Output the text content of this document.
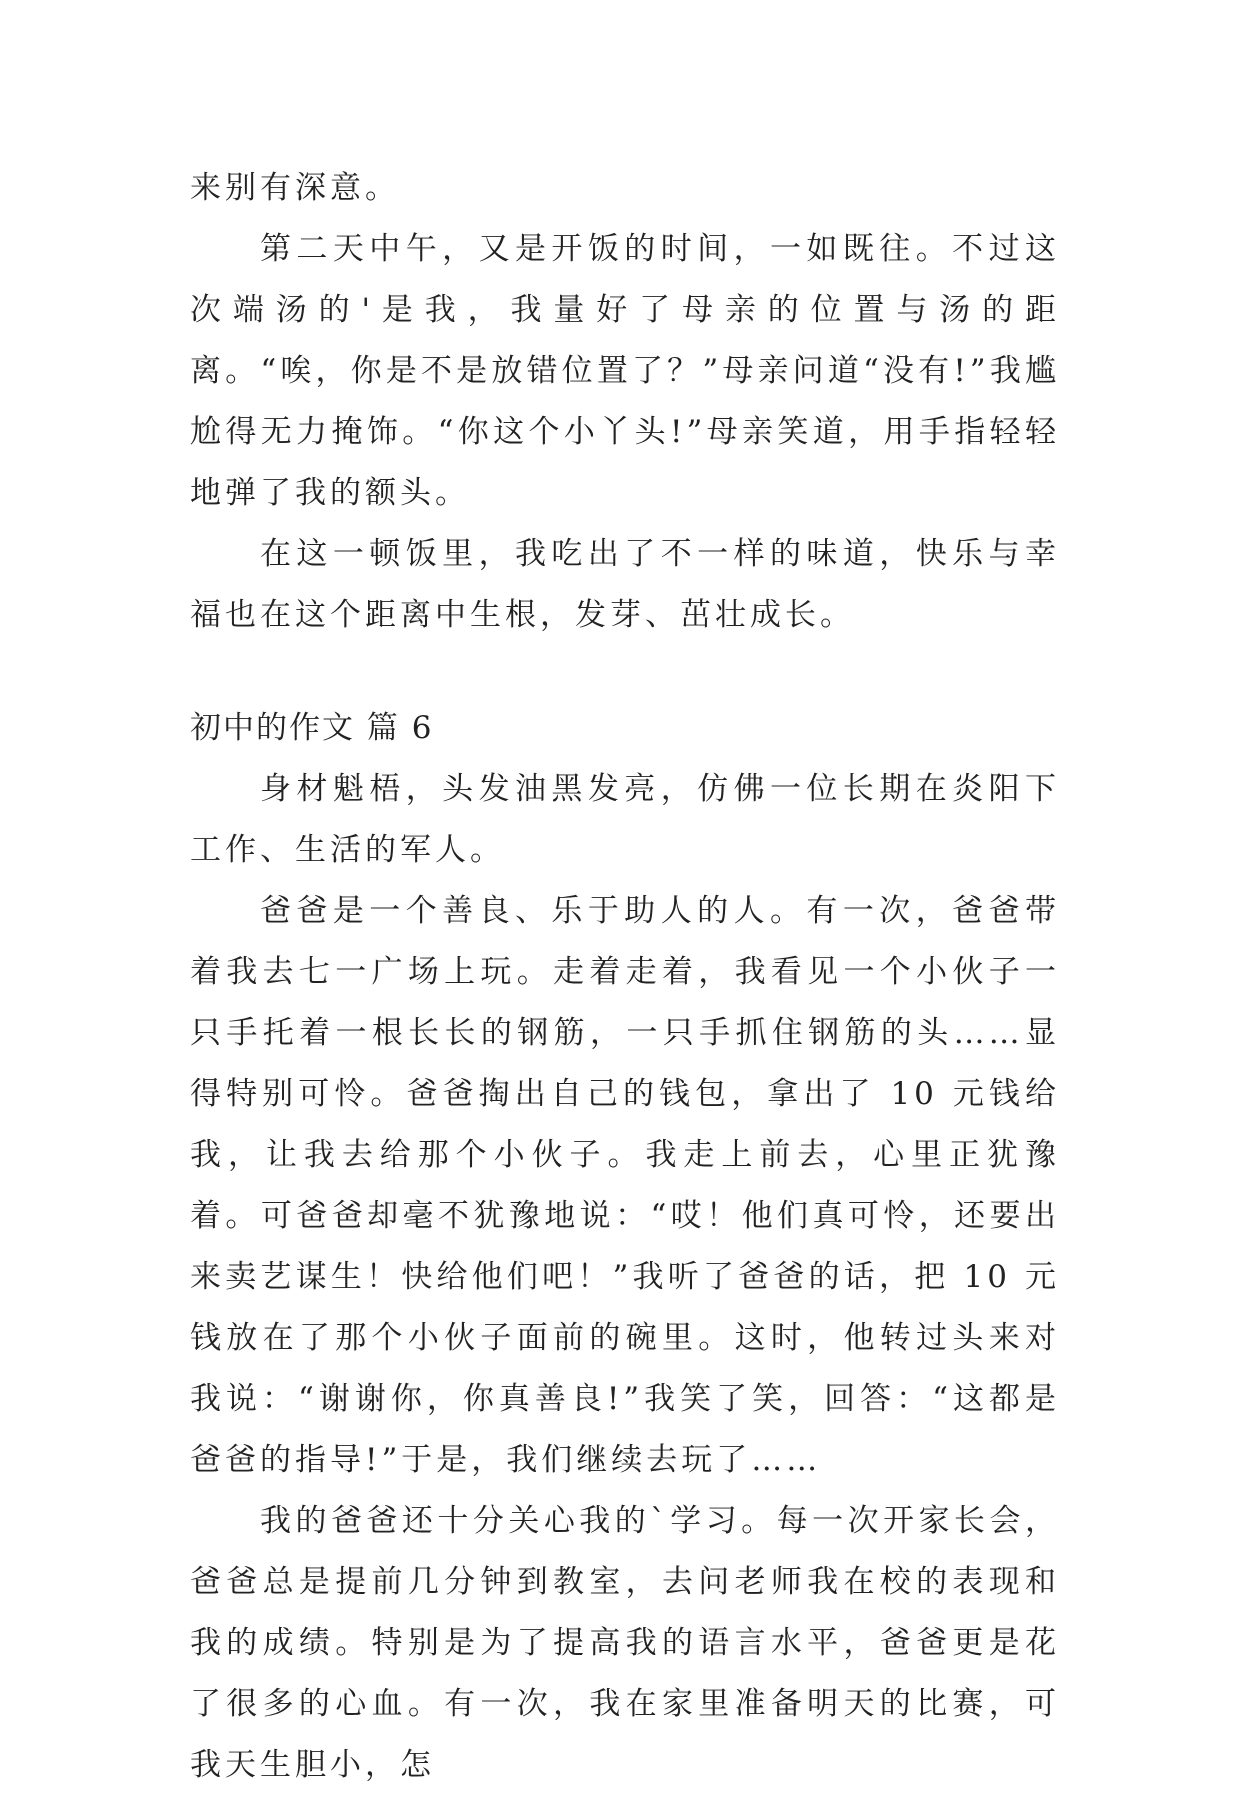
来别有深意。

第二天中午，又是开饭的时间，一如既往。不过这次端汤的'是我，我量好了母亲的位置与汤的距离。“唉，你是不是放错位置了？”母亲问道“没有!”我尴尬得无力掩饰。“你这个小丫头!”母亲笑道，用手指轻轻地弹了我的额头。

在这一顿饭里，我吃出了不一样的味道，快乐与幸福也在这个距离中生根，发芽、茁壮成长。

初中的作文 篇 6

身材魁梧，头发油黑发亮，仿佛一位长期在炎阳下工作、生活的军人。

爸爸是一个善良、乐于助人的人。有一次，爸爸带着我去七一广场上玩。走着走着，我看见一个小伙子一只手托着一根长长的钢筋，一只手抓住钢筋的头……显得特别可怜。爸爸掏出自己的钱包，拿出了 10 元钱给我，让我去给那个小伙子。我走上前去，心里正犹豫着。可爸爸却毫不犹豫地说：“哎！他们真可怜，还要出来卖艺谋生！快给他们吧！”我听了爸爸的话，把 10 元钱放在了那个小伙子面前的碗里。这时，他转过头来对我说：“谢谢你，你真善良!”我笑了笑，回答：“这都是爸爸的指导!”于是，我们继续去玩了……

我的爸爸还十分关心我的`学习。每一次开家长会，爸爸总是提前几分钟到教室，去问老师我在校的表现和我的成绩。特别是为了提高我的语言水平，爸爸更是花了很多的心血。有一次，我在家里准备明天的比赛，可我天生胆小，怎
